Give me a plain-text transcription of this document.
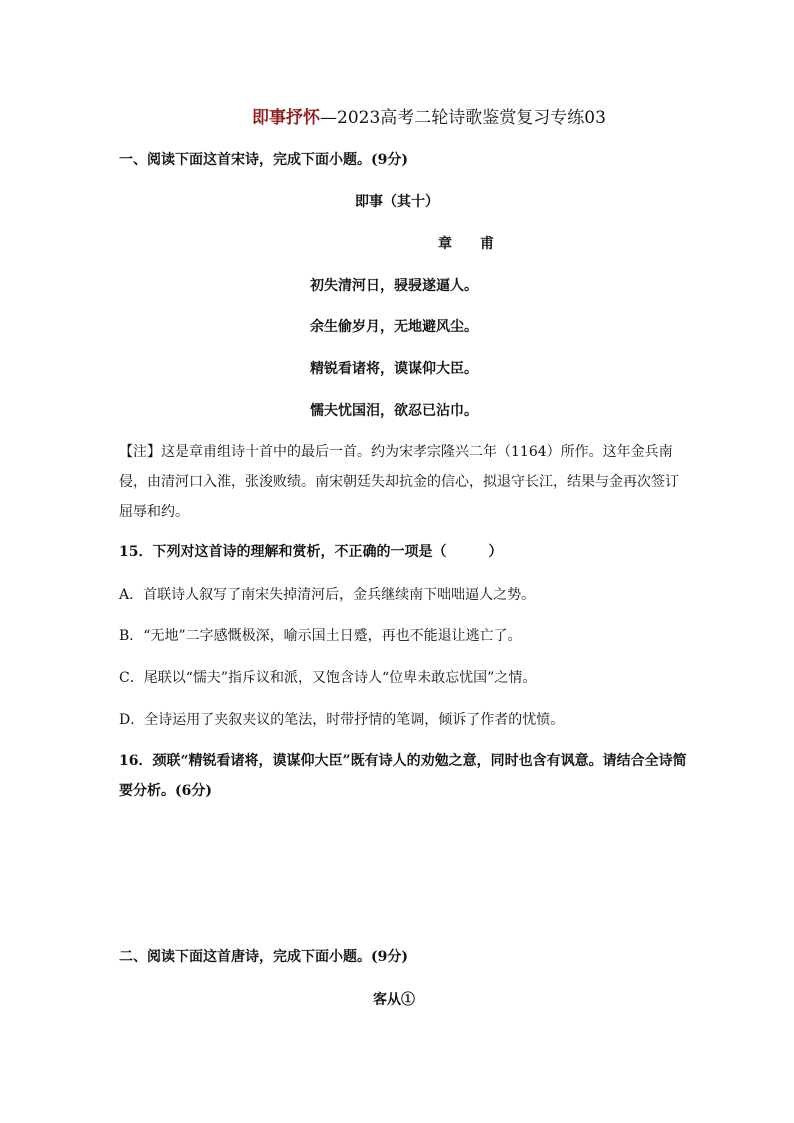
即事抒怀—2023高考二轮诗歌鉴赏复习专练03
一、阅读下面这首宋诗，完成下面小题。(9分)
即事（其十）
章　　甫
初失清河日，骎骎遂逼人。
余生偷岁月，无地避风尘。
精锐看诸将，谟谋仰大臣。
懦夫忧国泪，欲忍已沾巾。
【注】这是章甫组诗十首中的最后一首。约为宋孝宗隆兴二年（1164）所作。这年金兵南侵，由清河口入淮，张浚败绩。南宋朝廷失却抗金的信心，拟退守长江，结果与金再次签订屈辱和约。
15．下列对这首诗的理解和赏析，不正确的一项是（　　　）
A．首联诗人叙写了南宋失掉清河后，金兵继续南下咄咄逼人之势。
B．“无地”二字感慨极深，喻示国土日蹙，再也不能退让逃亡了。
C．尾联以“懦夫”指斥议和派，又饱含诗人“位卑未敢忘忧国”之情。
D．全诗运用了夹叙夹议的笔法，时带抒情的笔调，倾诉了作者的忧愤。
16．颈联“精锐看诸将，谟谋仰大臣”既有诗人的劝勉之意，同时也含有讽意。请结合全诗简要分析。(6分)
二、阅读下面这首唐诗，完成下面小题。(9分)
客从①
